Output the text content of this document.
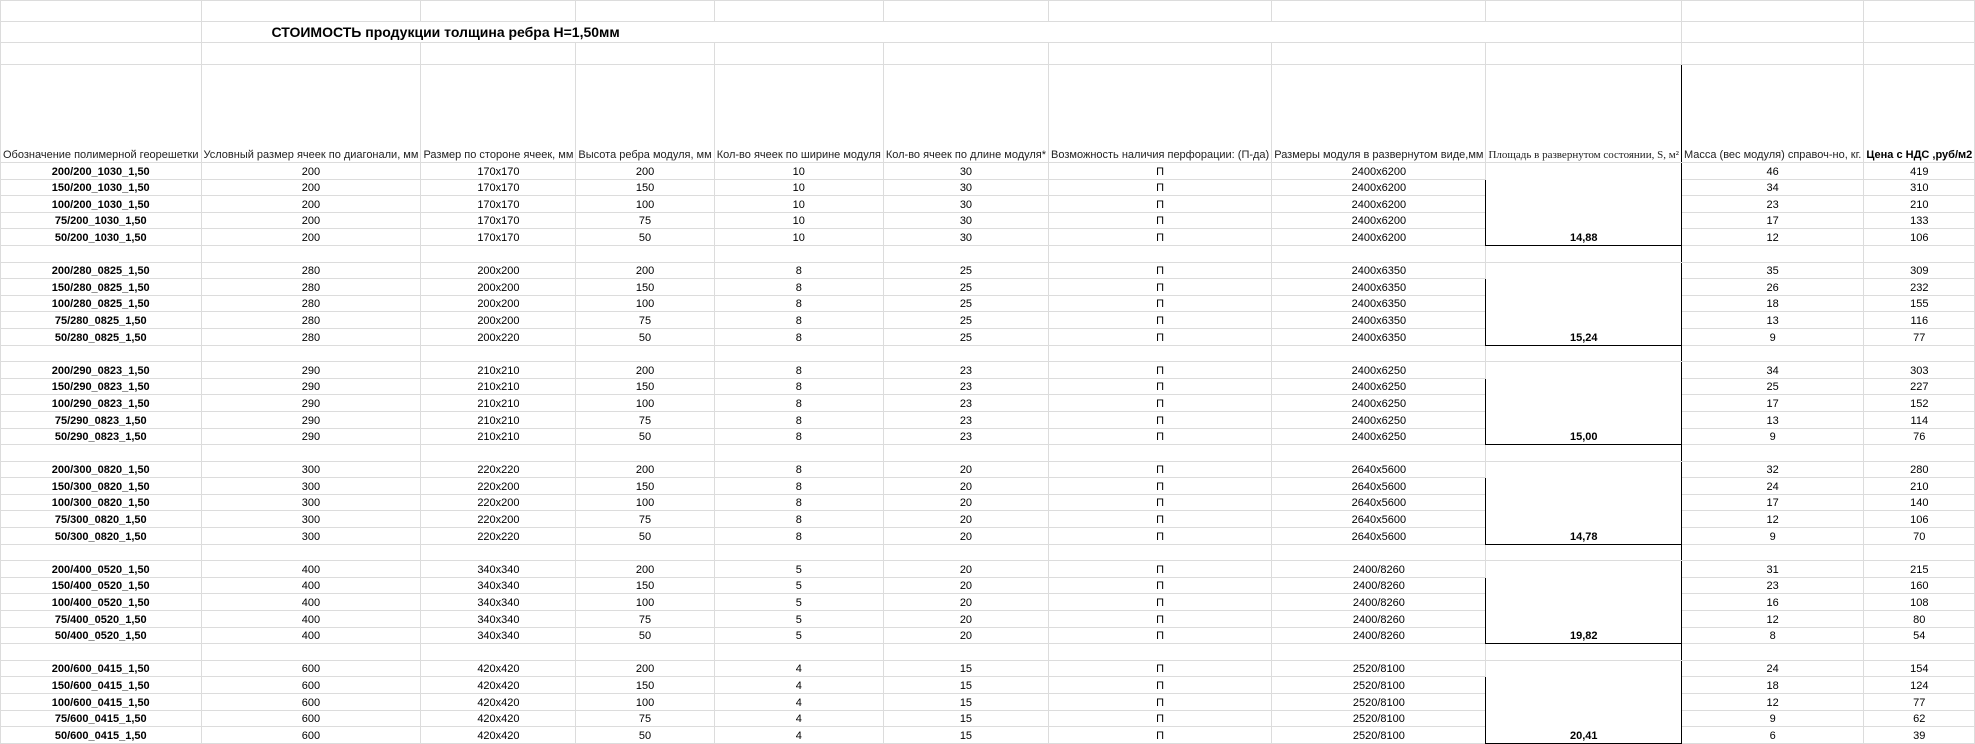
	СТОИМОСТЬ продукции толщина ребра H=1,50мм									

Обозначение полимерной георешетки	Условный размер ячеек по диагонали, мм	Размер по стороне ячеек, мм	Высота ребра модуля, мм	Кол-во ячеек по ширине модуля	Кол-во ячеек по длине модуля*	Возможность наличия перфорации: (П-да)	Размеры модуля в развернутом виде,мм	Площадь в развернутом состоянии, S, м²	Масса (вес модуля) справоч-но, кг.	Цена с НДС ,руб/м2
200/200_1030_1,50	200	170х170	200	10	30	П	2400х6200	14,88	46	419
150/200_1030_1,50	200	170х170	150	10	30	П	2400х6200		34	310
100/200_1030_1,50	200	170х170	100	10	30	П	2400х6200		23	210
75/200_1030_1,50	200	170х170	75	10	30	П	2400х6200		17	133
50/200_1030_1,50	200	170х170	50	10	30	П	2400х6200		12	106

200/280_0825_1,50	280	200х200	200	8	25	П	2400х6350	15,24	35	309
150/280_0825_1,50	280	200х200	150	8	25	П	2400х6350		26	232
100/280_0825_1,50	280	200х200	100	8	25	П	2400х6350		18	155
75/280_0825_1,50	280	200х200	75	8	25	П	2400х6350		13	116
50/280_0825_1,50	280	200х220	50	8	25	П	2400х6350		9	77

200/290_0823_1,50	290	210х210	200	8	23	П	2400х6250	15,00	34	303
150/290_0823_1,50	290	210х210	150	8	23	П	2400х6250		25	227
100/290_0823_1,50	290	210х210	100	8	23	П	2400х6250		17	152
75/290_0823_1,50	290	210х210	75	8	23	П	2400х6250		13	114
50/290_0823_1,50	290	210х210	50	8	23	П	2400х6250		9	76

200/300_0820_1,50	300	220х220	200	8	20	П	2640х5600	14,78	32	280
150/300_0820_1,50	300	220х200	150	8	20	П	2640х5600		24	210
100/300_0820_1,50	300	220х200	100	8	20	П	2640х5600		17	140
75/300_0820_1,50	300	220х200	75	8	20	П	2640х5600		12	106
50/300_0820_1,50	300	220х220	50	8	20	П	2640х5600		9	70

200/400_0520_1,50	400	340х340	200	5	20	П	2400/8260	19,82	31	215
150/400_0520_1,50	400	340х340	150	5	20	П	2400/8260		23	160
100/400_0520_1,50	400	340х340	100	5	20	П	2400/8260		16	108
75/400_0520_1,50	400	340х340	75	5	20	П	2400/8260		12	80
50/400_0520_1,50	400	340х340	50	5	20	П	2400/8260		8	54

200/600_0415_1,50	600	420х420	200	4	15	П	2520/8100	20,41	24	154
150/600_0415_1,50	600	420х420	150	4	15	П	2520/8100		18	124
100/600_0415_1,50	600	420х420	100	4	15	П	2520/8100		12	77
75/600_0415_1,50	600	420х420	75	4	15	П	2520/8100		9	62
50/600_0415_1,50	600	420х420	50	4	15	П	2520/8100		6	39
